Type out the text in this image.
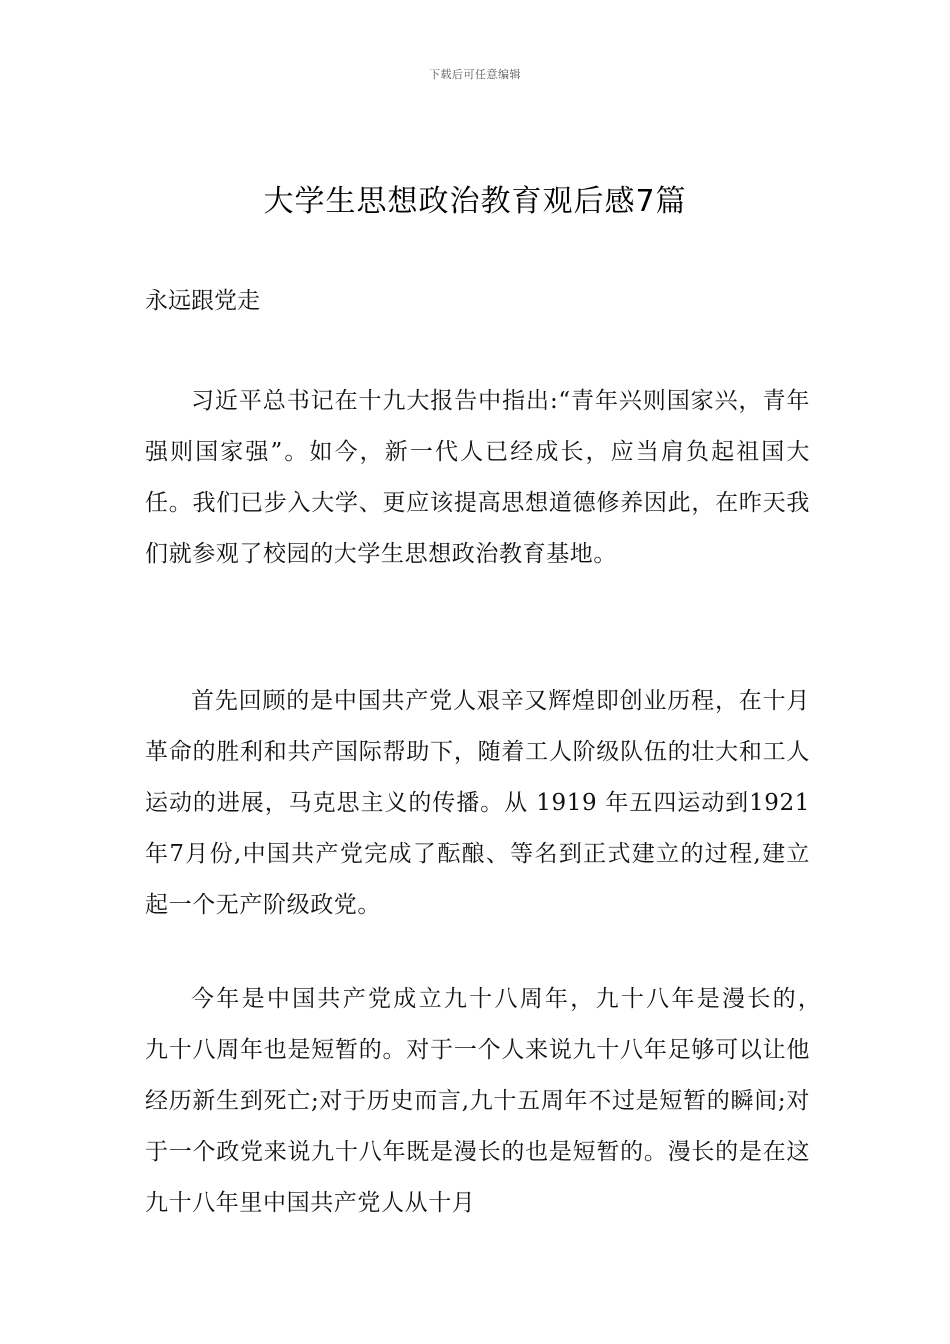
下载后可任意编辑
大学生思想政治教育观后感7篇

永远跟党走

习近平总书记在十九大报告中指出:“青年兴则国家兴，青年强则国家强”。如今，新一代人已经成长，应当肩负起祖国大任。我们已步入大学、更应该提高思想道德修养因此，在昨天我们就参观了校园的大学生思想政治教育基地。

首先回顾的是中国共产党人艰辛又辉煌即创业历程，在十月革命的胜利和共产国际帮助下，随着工人阶级队伍的壮大和工人运动的进展，马克思主义的传播。从 1919 年五四运动到1921年7月份,中国共产党完成了酝酿、等名到正式建立的过程,建立起一个无产阶级政党。

今年是中国共产党成立九十八周年，九十八年是漫长的，　九十八周年也是短暂的。对于一个人来说九十八年足够可以让他经历新生到死亡;对于历史而言,九十五周年不过是短暂的瞬间;对于一个政党来说九十八年既是漫长的也是短暂的。漫长的是在这九十八年里中国共产党人从十月
